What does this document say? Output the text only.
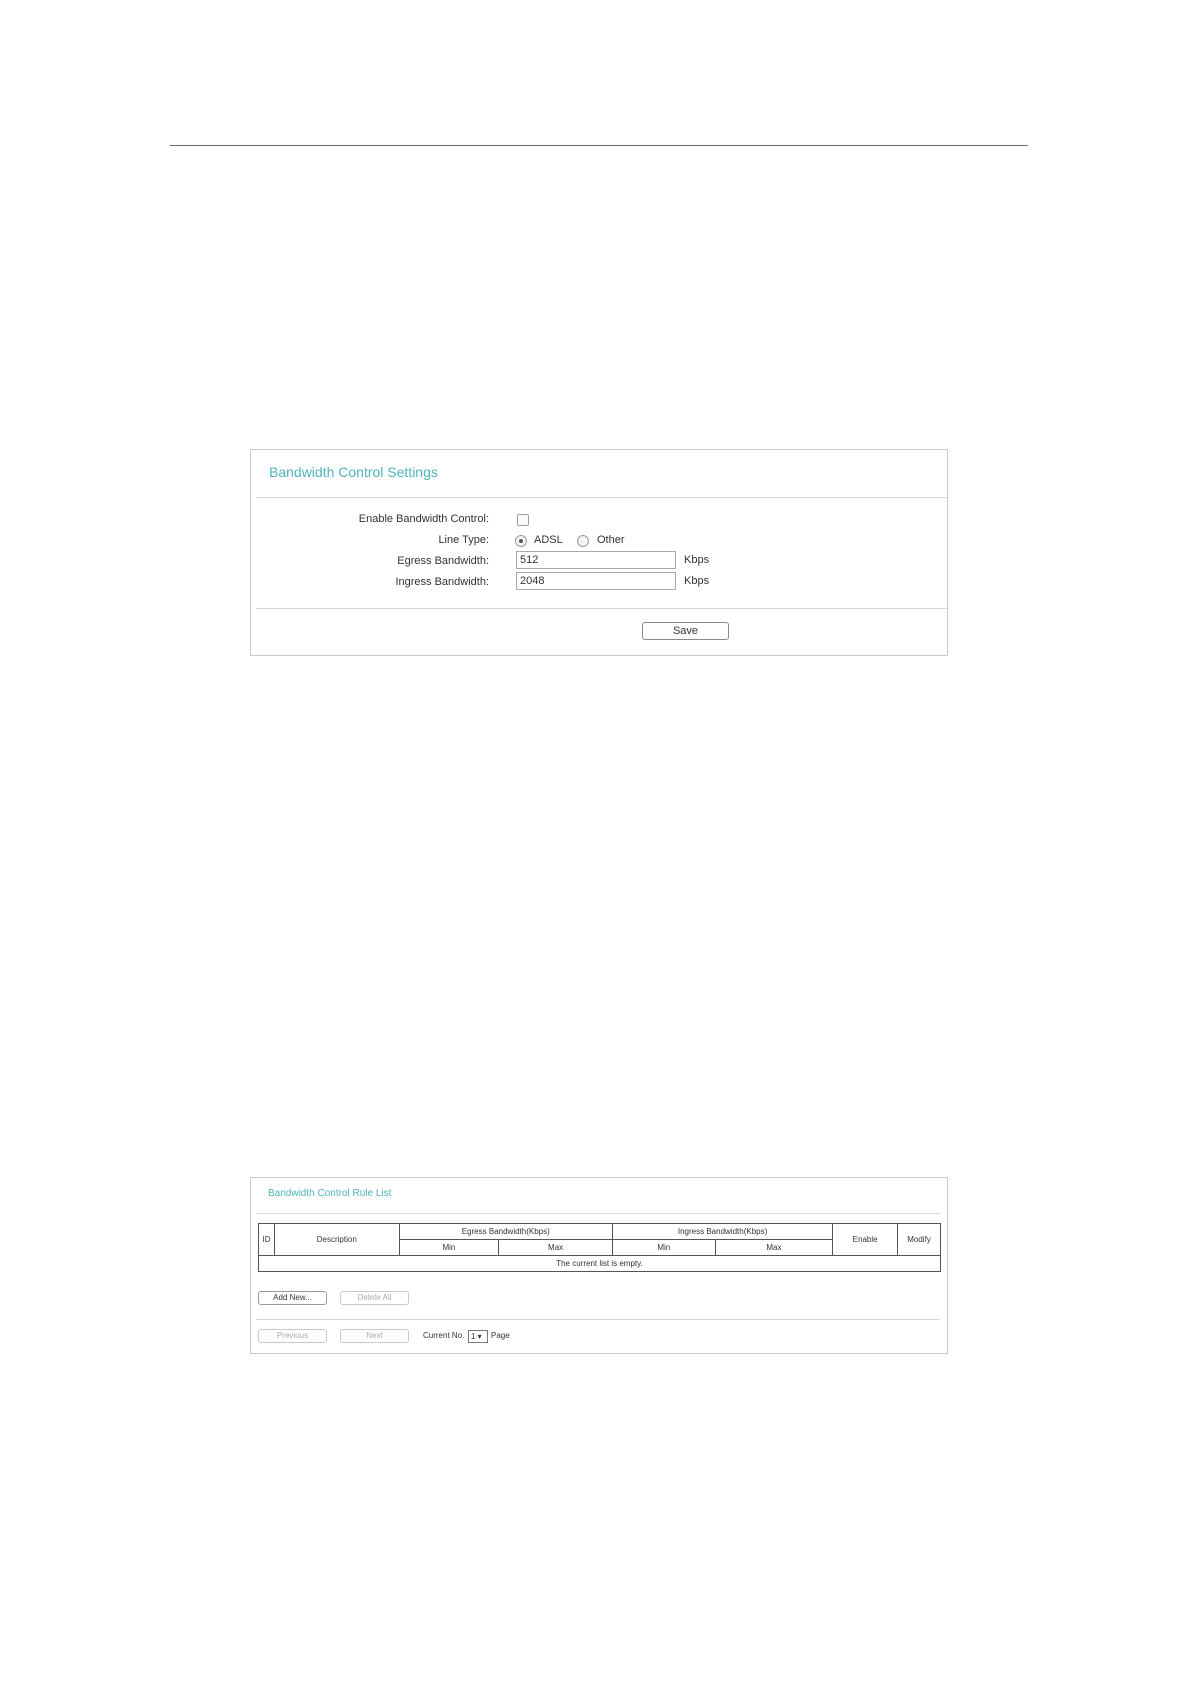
Bandwidth Control Settings
Enable Bandwidth Control:
Line Type:	ADSL	Other
Egress Bandwidth:
512	Kbps
Ingress Bandwidth:
2048	Kbps
Save
Bandwidth Control Rule List
ID	Description	Egress Bandwidth(Kbps)		Ingress Bandwidth(Kbps)		Enable	Modify
		Min	Max	Min	Max		
The current list is empty.							
Add New...	Delete All
Previous	Next	Current No. 1 ▾	Page
